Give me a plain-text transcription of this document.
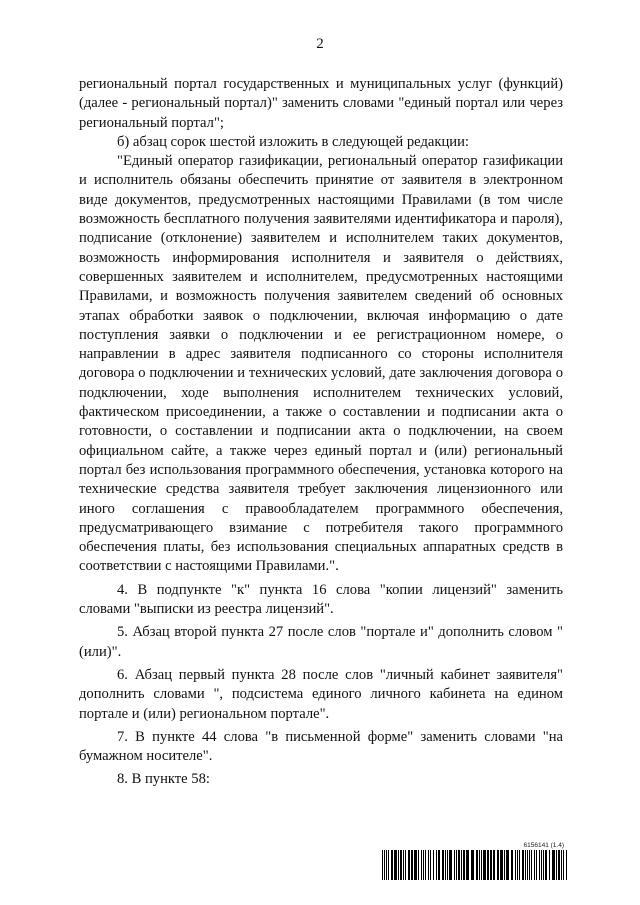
2

региональный портал государственных и муниципальных услуг (функций) (далее - региональный портал)" заменить словами "единый портал или через региональный портал";

б) абзац сорок шестой изложить в следующей редакции:

"Единый оператор газификации, региональный оператор газификации и исполнитель обязаны обеспечить принятие от заявителя в электронном виде документов, предусмотренных настоящими Правилами (в том числе возможность бесплатного получения заявителями идентификатора и пароля), подписание (отклонение) заявителем и исполнителем таких документов, возможность информирования исполнителя и заявителя о действиях, совершенных заявителем и исполнителем, предусмотренных настоящими Правилами, и возможность получения заявителем сведений об основных этапах обработки заявок о подключении, включая информацию о дате поступления заявки о подключении и ее регистрационном номере, о направлении в адрес заявителя подписанного со стороны исполнителя договора о подключении и технических условий, дате заключения договора о подключении, ходе выполнения исполнителем технических условий, фактическом присоединении, а также о составлении и подписании акта о готовности, о составлении и подписании акта о подключении, на своем официальном сайте, а также через единый портал и (или) региональный портал без использования программного обеспечения, установка которого на технические средства заявителя требует заключения лицензионного или иного соглашения с правообладателем программного обеспечения, предусматривающего взимание с потребителя такого программного обеспечения платы, без использования специальных аппаратных средств в соответствии с настоящими Правилами.".

4. В подпункте "к" пункта 16 слова "копии лицензий" заменить словами "выписки из реестра лицензий".

5. Абзац второй пункта 27 после слов "портале и" дополнить словом "(или)".

6. Абзац первый пункта 28 после слов "личный кабинет заявителя" дополнить словами ", подсистема единого личного кабинета на едином портале и (или) региональном портале".

7. В пункте 44 слова "в письменной форме" заменить словами "на бумажном носителе".

8. В пункте 58:

6156141 (1.4)
